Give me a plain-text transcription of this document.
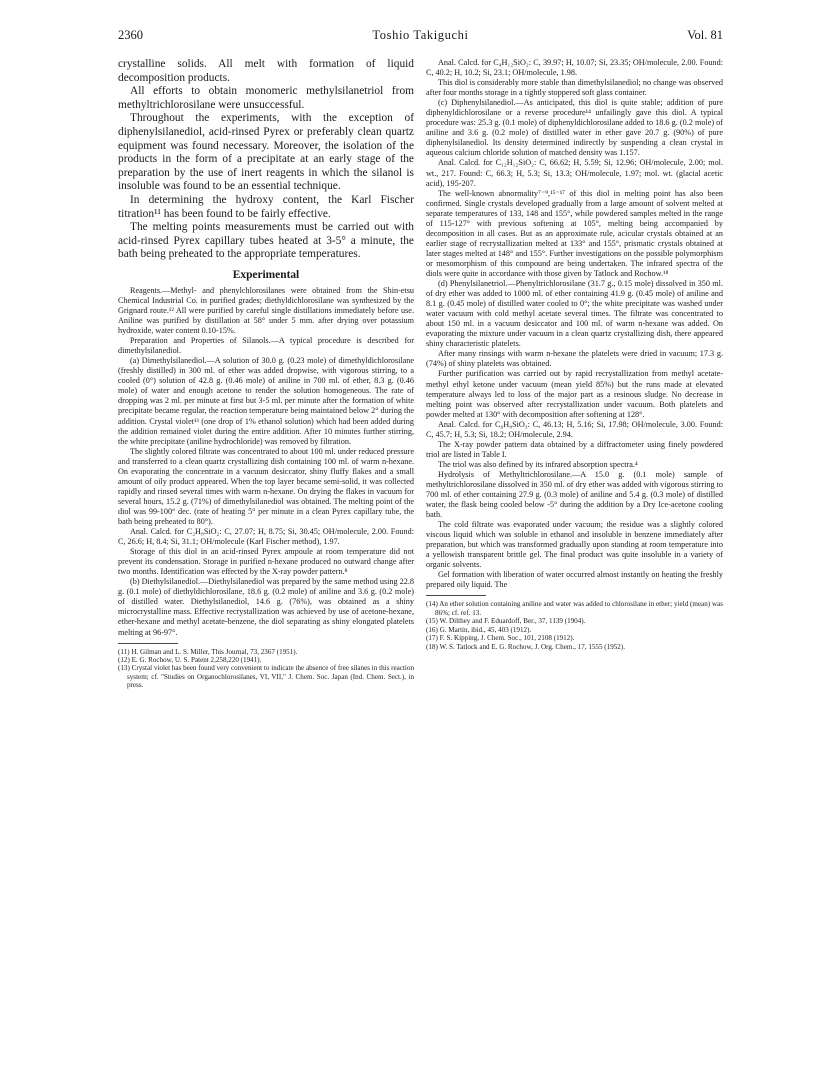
2360	Toshio Takiguchi	Vol. 81

crystalline solids. All melt with formation of liquid decomposition products.

All efforts to obtain monomeric methylsilanetriol from methyltrichlorosilane were unsuccessful.

Throughout the experiments, with the exception of diphenylsilanediol, acid-rinsed Pyrex or preferably clean quartz equipment was found necessary. Moreover, the isolation of the products in the form of a precipitate at an early stage of the preparation by the use of inert reagents in which the silanol is insoluble was found to be an essential technique.

In determining the hydroxy content, the Karl Fischer titration¹¹ has been found to be fairly effective.

The melting points measurements must be carried out with acid-rinsed Pyrex capillary tubes heated at 3-5° a minute, the bath being preheated to the appropriate temperatures.

Experimental

Reagents.—Methyl- and phenylchlorosilanes were obtained from the Shin-etsu Chemical Industrial Co. in purified grades; diethyldichlorosilane was synthesized by the Grignard route.¹² All were purified by careful single distillations immediately before use. Aniline was purified by distillation at 58° under 5 mm. after drying over potassium hydroxide, water content 0.10-15%.

Preparation and Properties of Silanols.—A typical procedure is described for dimethylsilanediol.

(a) Dimethylsilanediol.—A solution of 30.0 g. (0.23 mole) of dimethyldichlorosilane (freshly distilled) in 300 ml. of ether was added dropwise, with vigorous stirring, to a cooled (0°) solution of 42.8 g. (0.46 mole) of aniline in 700 ml. of ether, 8.3 g. (0.46 mole) of water and enough acetone to render the solution homogeneous. The rate of dropping was 2 ml. per minute at first but 3-5 ml. per minute after the formation of white precipitate became regular, the reaction temperature being maintained below 2° during the addition. Crystal violet¹³ (one drop of 1% ethanol solution) which had been added during the addition remained violet during the entire addition. After 10 minutes further stirring, the white precipitate (aniline hydrochloride) was removed by filtration.

The slightly colored filtrate was concentrated to about 100 ml. under reduced pressure and transferred to a clean quartz crystallizing dish containing 100 ml. of warm n-hexane. On evaporating the concentrate in a vacuum desiccator, shiny fluffy flakes and a small amount of oily product appeared. When the top layer became semi-solid, it was collected rapidly and rinsed several times with warm n-hexane. On drying the flakes in vacuum for several hours, 15.2 g. (71%) of dimethylsilanediol was obtained. The melting point of the diol was 99-100° dec. (rate of heating 5° per minute in a clean Pyrex capillary tube, the bath being preheated to 80°).

Anal. Calcd. for C₂H₈SiO₂: C, 27.07; H, 8.75; Si, 30.45; OH/molecule, 2.00. Found: C, 26.6; H, 8.4; Si, 31.1; OH/molecule (Karl Fischer method), 1.97.

Storage of this diol in an acid-rinsed Pyrex ampoule at room temperature did not prevent its condensation. Storage in purified n-hexane produced no outward change after two months. Identification was effected by the X-ray powder pattern.⁸

(b) Diethylsilanediol.—Diethylsilanediol was prepared by the same method using 22.8 g. (0.1 mole) of diethyldichlorosilane, 18.6 g. (0.2 mole) of aniline and 3.6 g. (0.2 mole) of distilled water. Diethylsilanediol, 14.6 g. (76%), was obtained as a shiny microcrystalline mass. Effective recrystallization was achieved by use of acetone-hexane, ether-hexane and methyl acetate-benzene, the diol separating as shiny elongated platelets melting at 96-97°.

(11) H. Gilman and L. S. Miller, This Journal, 73, 2367 (1951).

(12) E. G. Rochow, U. S. Patent 2,258,220 (1941).

(13) Crystal violet has been found very convenient to indicate the absence of free silanes in this reaction system; cf. "Studies on Organochlorosilanes, VI, VII," J. Chem. Soc. Japan (Ind. Chem. Sect.), in press.

Anal. Calcd. for C₄H₁₂SiO₂: C, 39.97; H, 10.07; Si, 23.35; OH/molecule, 2.00. Found: C, 40.2; H, 10.2; Si, 23.1; OH/molecule, 1.98.

This diol is considerably more stable than dimethylsilanediol; no change was observed after four months storage in a tightly stoppered soft glass container.

(c) Diphenylsilanediol.—As anticipated, this diol is quite stable; addition of pure diphenyldichlorosilane or a reverse procedure¹⁴ unfailingly gave this diol. A typical procedure was: 25.3 g. (0.1 mole) of diphenyldichlorosilane added to 18.6 g. (0.2 mole) of aniline and 3.6 g. (0.2 mole) of distilled water in ether gave 20.7 g. (90%) of pure diphenylsilanediol. Its density determined indirectly by suspending a clean crystal in aqueous calcium chloride solution of matched density was 1.157.

Anal. Calcd. for C₁₂H₁₂SiO₂: C, 66.62; H, 5.59; Si, 12.96; OH/molecule, 2.00; mol. wt., 217. Found: C, 66.3; H, 5.3; Si, 13.3; OH/molecule, 1.97; mol. wt. (glacial acetic acid), 195-207.

The well-known abnormality⁷⁻⁹,¹⁵⁻¹⁷ of this diol in melting point has also been confirmed. Single crystals developed gradually from a large amount of solvent melted at separate temperatures of 133, 148 and 155°, while powdered samples melted in the range of 115-127° with previous softening at 105°, melting being accompanied by decomposition in all cases. But as an approximate rule, acicular crystals obtained at an earlier stage of recrystallization melted at 133° and 155°, prismatic crystals obtained at later stages melted at 148° and 155°. Further investigations on the possible polymorphism or mesomorphism of this compound are being undertaken. The infrared spectra of the diols were quite in accordance with those given by Tatlock and Rochow.¹⁸

(d) Phenylsilanetriol.—Phenyltrichlorosilane (31.7 g., 0.15 mole) dissolved in 350 ml. of dry ether was added to 1000 ml. of ether containing 41.9 g. (0.45 mole) of aniline and 8.1 g. (0.45 mole) of distilled water cooled to 0°; the white precipitate was washed under water vacuum with cold methyl acetate several times. The filtrate was concentrated to about 150 ml. in a vacuum desiccator and 100 ml. of warm n-hexane was added. On evaporating the mixture under vacuum in a clean quartz crystallizing dish, there appeared shiny characteristic platelets.

After many rinsings with warm n-hexane the platelets were dried in vacuum; 17.3 g. (74%) of shiny platelets was obtained.

Further purification was carried out by rapid recrystallization from methyl acetate-methyl ethyl ketone under vacuum (mean yield 85%) but the runs made at elevated temperature always led to loss of the major part as a resinous sludge. No decrease in melting point was observed after recrystallization under vacuum. Both platelets and powder melted at 130° with decomposition after softening at 128°.

Anal. Calcd. for C₆H₈SiO₃: C, 46.13; H, 5.16; Si, 17.98; OH/molecule, 3.00. Found: C, 45.7; H, 5.3; Si, 18.2; OH/molecule, 2.94.

The X-ray powder pattern data obtained by a diffractometer using finely powdered triol are listed in Table I.

The triol was also defined by its infrared absorption spectra.⁴

Hydrolysis of Methyltrichlorosilane.—A 15.0 g. (0.1 mole) sample of methyltrichlorosilane dissolved in 350 ml. of dry ether was added with vigorous stirring to 700 ml. of ether containing 27.9 g. (0.3 mole) of aniline and 5.4 g. (0.3 mole) of distilled water, the flask being cooled below -5° during the addition by a Dry Ice-acetone cooling bath.

The cold filtrate was evaporated under vacuum; the residue was a slightly colored viscous liquid which was soluble in ethanol and insoluble in benzene immediately after preparation, but which was transformed gradually upon standing at room temperature into a yellowish transparent brittle gel. The final product was quite insoluble in a variety of organic solvents.

Gel formation with liberation of water occurred almost instantly on heating the freshly prepared oily liquid. The

(14) An ether solution containing aniline and water was added to chlorosilane in ether; yield (mean) was 86%; cf. ref. 13.

(15) W. Dilthey and F. Eduardoff, Ber., 37, 1139 (1904).

(16) G. Martin, ibid., 45, 403 (1912).

(17) F. S. Kipping, J. Chem. Soc., 101, 2108 (1912).

(18) W. S. Tatlock and E. G. Rochow, J. Org. Chem., 17, 1555 (1952).
